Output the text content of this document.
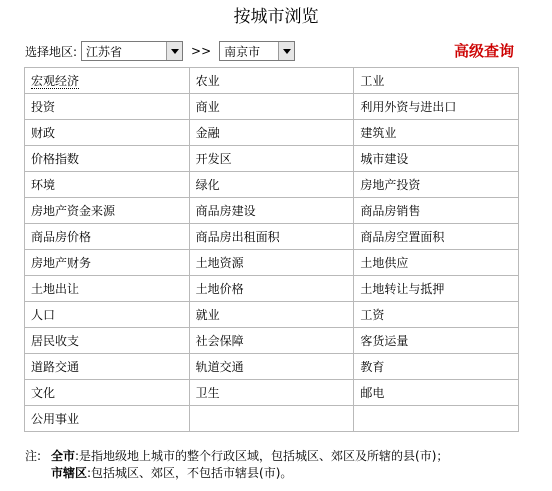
按城市浏览
选择地区: 江苏省	>>	南京市	高级查询
宏观经济	农业	工业
投资	商业	利用外资与进出口
财政	金融	建筑业
价格指数	开发区	城市建设
环境	绿化	房地产投资
房地产资金来源	商品房建设	商品房销售
商品房价格	商品房出租面积	商品房空置面积
房地产财务	土地资源	土地供应
土地出让	土地价格	土地转让与抵押
人口	就业	工资
居民收支	社会保障	客货运量
道路交通	轨道交通	教育
文化	卫生	邮电
公用事业		
注: 全市:是指地级地上城市的整个行政区域，包括城区、郊区及所辖的县(市)；
市辖区:包括城区、郊区，不包括市辖县(市)。
